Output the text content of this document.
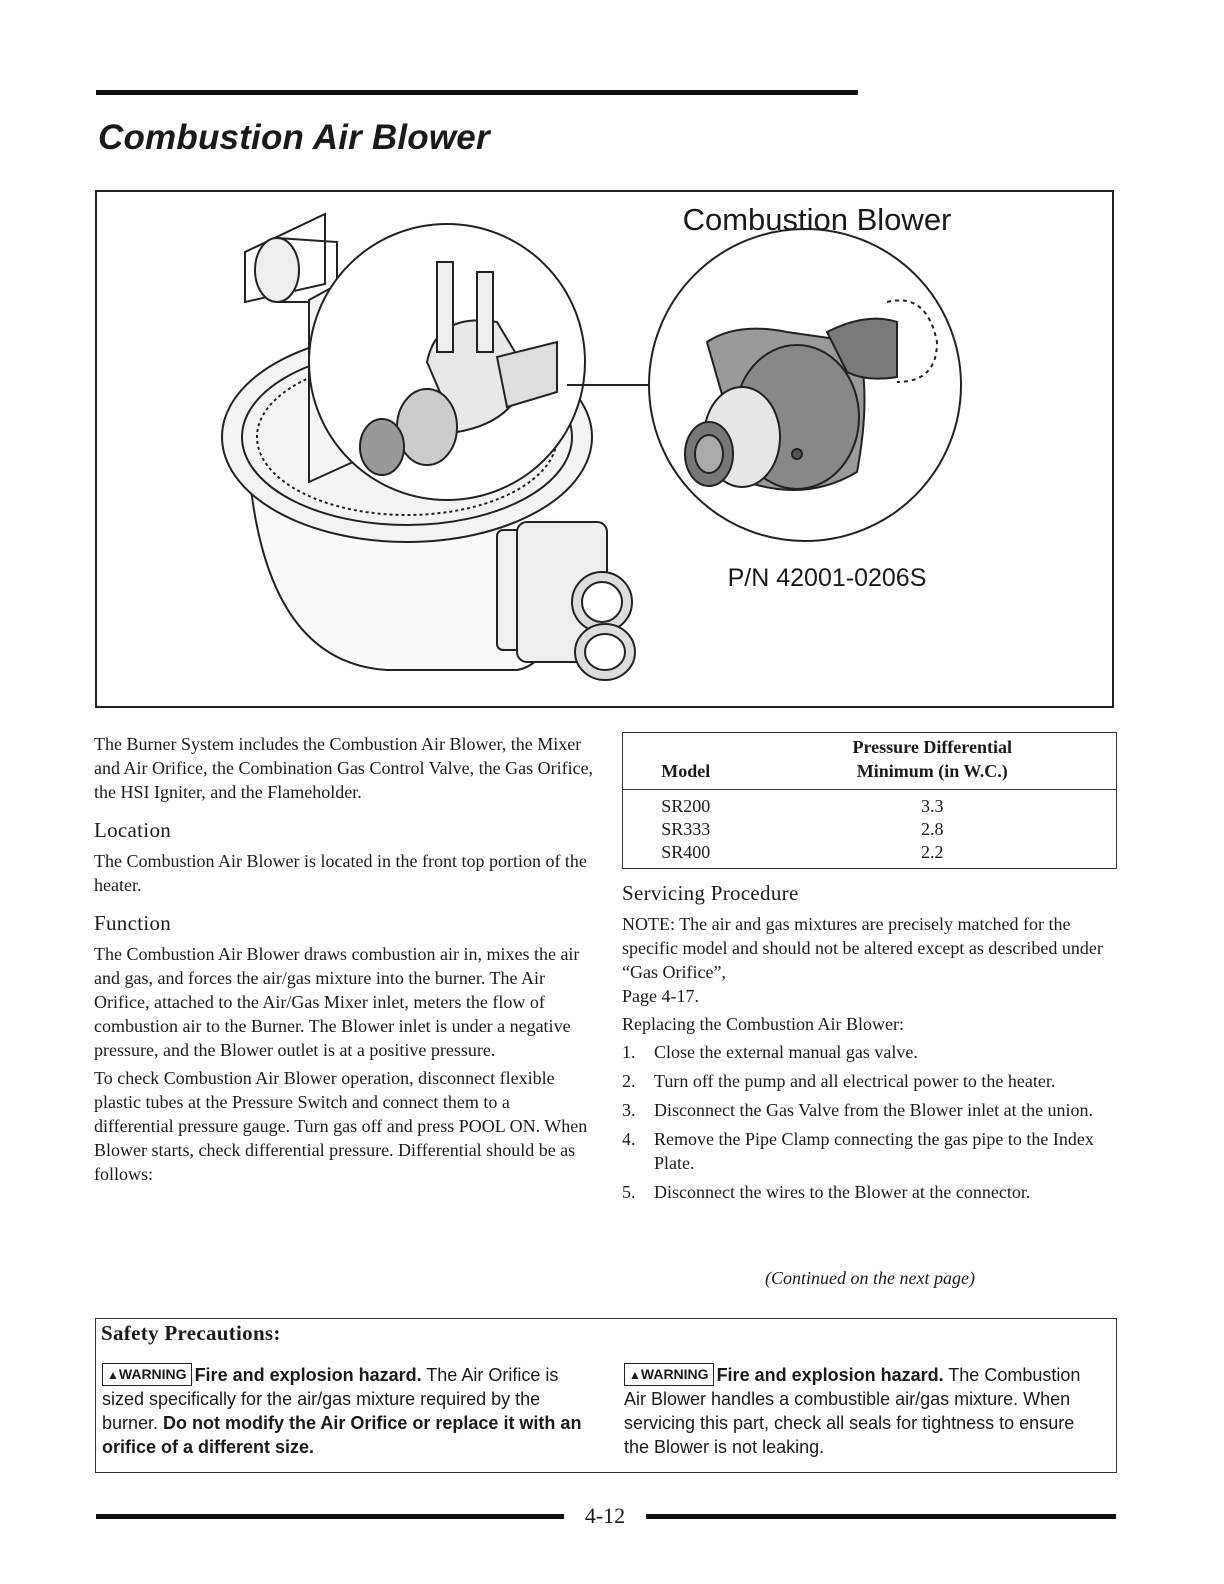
Combustion Air Blower
Combustion Blower
P/N 42001-0206S

The Burner System includes the Combustion Air Blower, the Mixer and Air Orifice, the Combination Gas Control Valve, the Gas Orifice, the HSI Igniter, and the Flameholder.

Location

The Combustion Air Blower is located in the front top portion of the heater.

Function

The Combustion Air Blower draws combustion air in, mixes the air and gas, and forces the air/gas mixture into the burner. The Air Orifice, attached to the Air/Gas Mixer inlet, meters the flow of combustion air to the Burner. The Blower inlet is under a negative pressure, and the Blower outlet is at a positive pressure.

To check Combustion Air Blower operation, disconnect flexible plastic tubes at the Pressure Switch and connect them to a differential pressure gauge. Turn gas off and press POOL ON. When Blower starts, check differential pressure. Differential should be as follows:

Model	Pressure Differential
Minimum (in W.C.)
SR200	3.3
SR333	2.8
SR400	2.2
Servicing Procedure

NOTE: The air and gas mixtures are precisely matched for the specific model and should not be altered except as described under “Gas Orifice”,

Page 4-17.

Replacing the Combustion Air Blower:

1.	Close the external manual gas valve.
2.	Turn off the pump and all electrical power to the heater.
3.	Disconnect the Gas Valve from the Blower inlet at the union.
4.	Remove the Pipe Clamp connecting the gas pipe to the Index Plate.
5.	Disconnect the wires to the Blower at the connector.
(Continued on the next page)
Safety Precautions:
▲WARNING Fire and explosion hazard. The Air Orifice is sized specifically for the air/gas mixture required by the burner. Do not modify the Air Orifice or replace it with an orifice of a different size.
▲WARNING Fire and explosion hazard. The Combustion Air Blower handles a combustible air/gas mixture. When servicing this part, check all seals for tightness to ensure the Blower is not leaking.
4-12
